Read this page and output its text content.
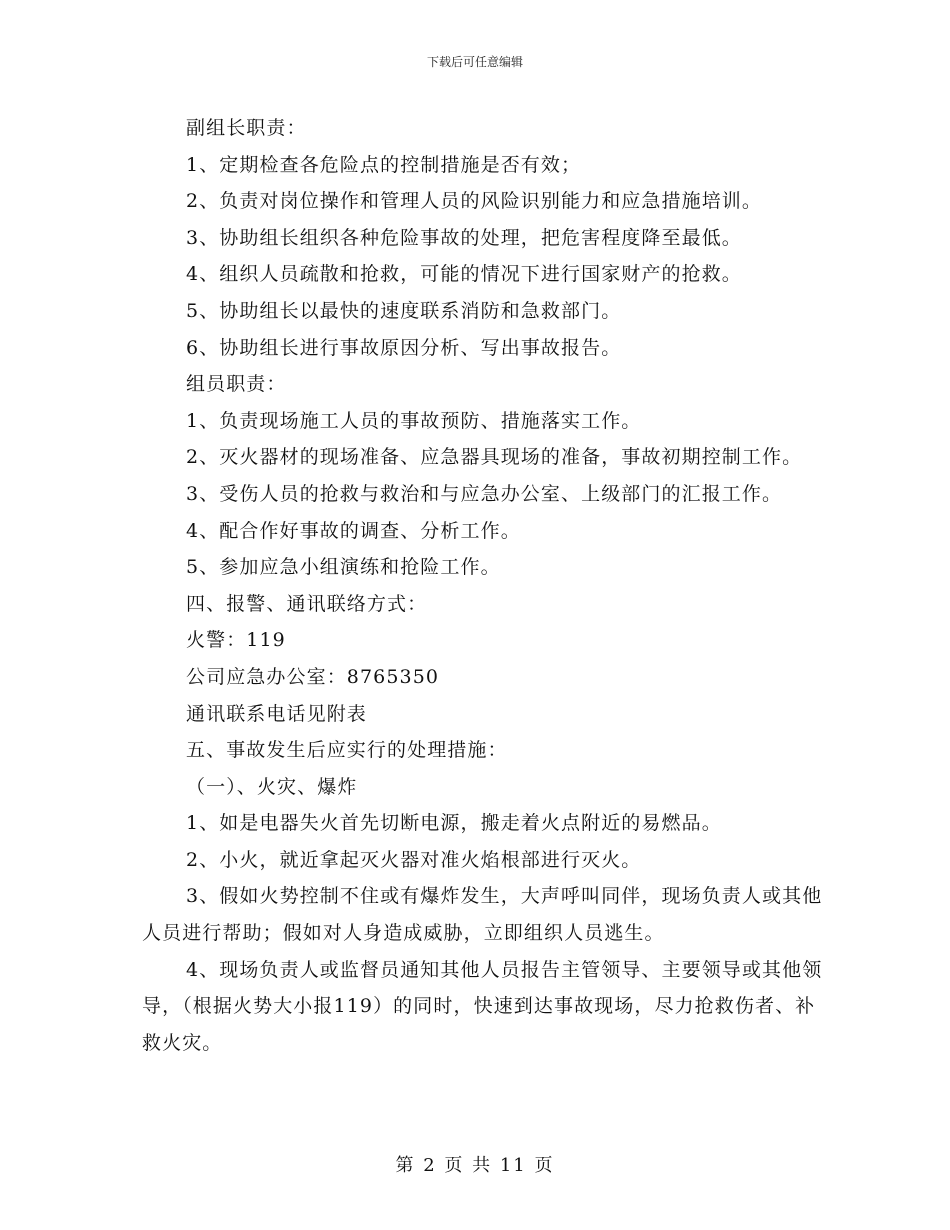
下载后可任意编辑

副组长职责：

1、定期检查各危险点的控制措施是否有效；

2、负责对岗位操作和管理人员的风险识别能力和应急措施培训。

3、协助组长组织各种危险事故的处理，把危害程度降至最低。

4、组织人员疏散和抢救，可能的情况下进行国家财产的抢救。

5、协助组长以最快的速度联系消防和急救部门。

6、协助组长进行事故原因分析、写出事故报告。

组员职责：

1、负责现场施工人员的事故预防、措施落实工作。

2、灭火器材的现场准备、应急器具现场的准备，事故初期控制工作。

3、受伤人员的抢救与救治和与应急办公室、上级部门的汇报工作。

4、配合作好事故的调查、分析工作。

5、参加应急小组演练和抢险工作。

四、报警、通讯联络方式：

火警：119

公司应急办公室：8765350

通讯联系电话见附表

五、事故发生后应实行的处理措施：

（一）、火灾、爆炸

1、如是电器失火首先切断电源，搬走着火点附近的易燃品。

2、小火，就近拿起灭火器对准火焰根部进行灭火。

3、假如火势控制不住或有爆炸发生，大声呼叫同伴，现场负责人或其他人员进行帮助；假如对人身造成威胁，立即组织人员逃生。

4、现场负责人或监督员通知其他人员报告主管领导、主要领导或其他领导，（根据火势大小报119）的同时，快速到达事故现场，尽力抢救伤者、补救火灾。

第 2 页 共 11 页
